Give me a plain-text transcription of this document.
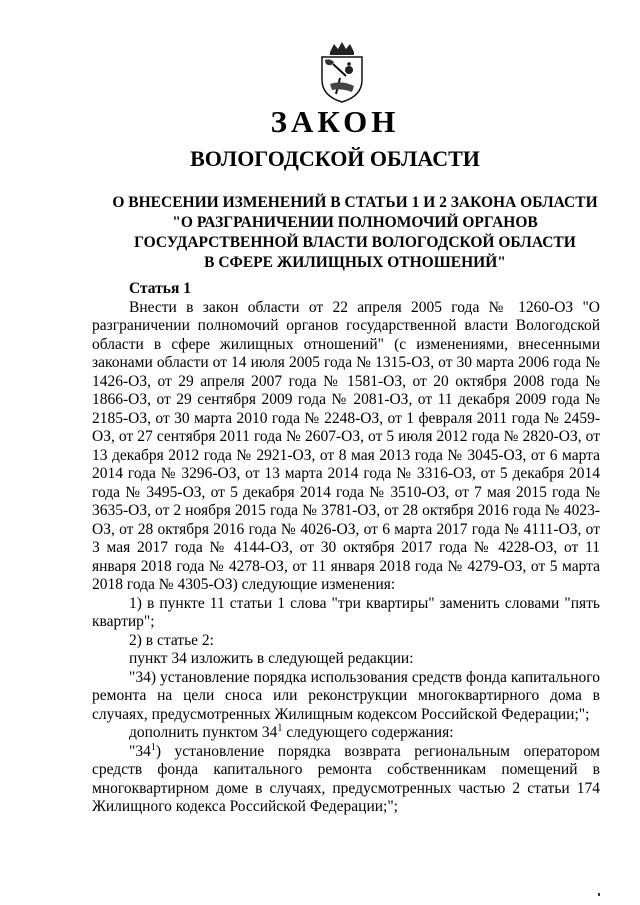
ЗАКОН
ВОЛОГОДСКОЙ ОБЛАСТИ
О ВНЕСЕНИИ ИЗМЕНЕНИЙ В СТАТЬИ 1 И 2 ЗАКОНА ОБЛАСТИ
"О РАЗГРАНИЧЕНИИ ПОЛНОМОЧИЙ ОРГАНОВ
ГОСУДАРСТВЕННОЙ ВЛАСТИ ВОЛОГОДСКОЙ ОБЛАСТИ
В СФЕРЕ ЖИЛИЩНЫХ ОТНОШЕНИЙ"

Статья 1

Внести в закон области от 22 апреля 2005 года № 1260-ОЗ "О разграничении полномочий органов государственной власти Вологодской области в сфере жилищных отношений" (с изменениями, внесенными законами области от 14 июля 2005 года № 1315-ОЗ, от 30 марта 2006 года № 1426-ОЗ, от 29 апреля 2007 года № 1581-ОЗ, от 20 октября 2008 года № 1866-ОЗ, от 29 сентября 2009 года № 2081-ОЗ, от 11 декабря 2009 года № 2185-ОЗ, от 30 марта 2010 года № 2248-ОЗ, от 1 февраля 2011 года № 2459-ОЗ, от 27 сентября 2011 года № 2607-ОЗ, от 5 июля 2012 года № 2820-ОЗ, от 13 декабря 2012 года № 2921-ОЗ, от 8 мая 2013 года № 3045-ОЗ, от 6 марта 2014 года № 3296-ОЗ, от 13 марта 2014 года № 3316-ОЗ, от 5 декабря 2014 года № 3495-ОЗ, от 5 декабря 2014 года № 3510-ОЗ, от 7 мая 2015 года № 3635-ОЗ, от 2 ноября 2015 года № 3781-ОЗ, от 28 октября 2016 года № 4023-ОЗ, от 28 октября 2016 года № 4026-ОЗ, от 6 марта 2017 года № 4111-ОЗ, от 3 мая 2017 года № 4144-ОЗ, от 30 октября 2017 года № 4228-ОЗ, от 11 января 2018 года № 4278-ОЗ, от 11 января 2018 года № 4279-ОЗ, от 5 марта 2018 года № 4305-ОЗ) следующие изменения:

1) в пункте 11 статьи 1 слова "три квартиры" заменить словами "пять квартир";

2) в статье 2:

пункт 34 изложить в следующей редакции:

"34) установление порядка использования средств фонда капитального ремонта на цели сноса или реконструкции многоквартирного дома в случаях, предусмотренных Жилищным кодексом Российской Федерации;";

дополнить пунктом $34^1$ следующего содержания:

"$34^1$) установление порядка возврата региональным оператором средств фонда капитального ремонта собственникам помещений в многоквартирном доме в случаях, предусмотренных частью 2 статьи 174 Жилищного кодекса Российской Федерации;";
